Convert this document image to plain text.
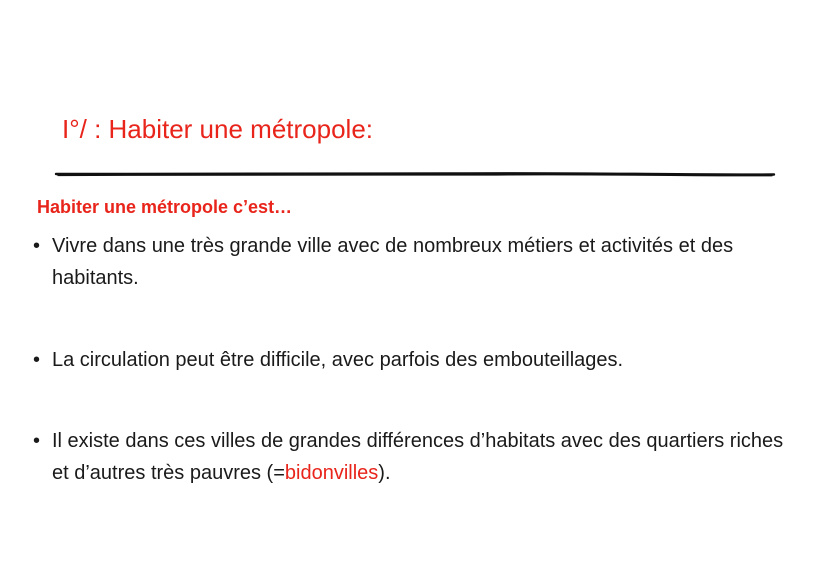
I°/ : Habiter une métropole:
Habiter une métropole c’est…
• Vivre dans une très grande ville avec de nombreux métiers et activités et des habitants.
• La circulation peut être difficile, avec parfois des embouteillages.
• Il existe dans ces villes de grandes différences d’habitats avec des quartiers riches et d’autres très pauvres (=bidonvilles).
